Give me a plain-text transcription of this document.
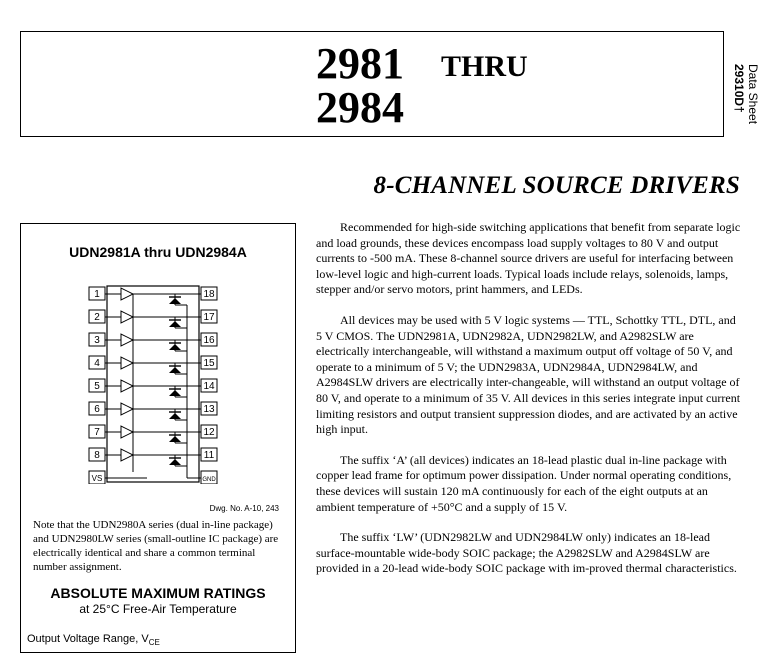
2981 THRU
2984	Data Sheet
29310D†
8-CHANNEL SOURCE DRIVERS
UDN2981A thru UDN2984A
1	18
2	17
3	16
4	15
5	14
6	13
7	12
8	11
VS	GND
Dwg. No. A-10, 243
Note that the UDN2980A series (dual in-line package) and UDN2980LW series (small-outline IC package) are electrically identical and share a common terminal number assignment.
ABSOLUTE MAXIMUM RATINGS
at 25°C Free-Air Temperature
Output Voltage Range, $V_{CE}$

Recommended for high-side switching applications that benefit from separate logic and load grounds, these devices encompass load supply voltages to 80 V and output currents to -500 mA. These 8-channel source drivers are useful for interfacing between low-level logic and high-current loads. Typical loads include relays, solenoids, lamps, stepper and/or servo motors, print hammers, and LEDs.

All devices may be used with 5 V logic systems — TTL, Schottky TTL, DTL, and 5 V CMOS. The UDN2981A, UDN2982A, UDN2982LW, and A2982SLW are electrically interchangeable, will withstand a maximum output off voltage of 50 V, and operate to a minimum of 5 V; the UDN2983A, UDN2984A, UDN2984LW, and A2984SLW drivers are electrically inter-changeable, will withstand an output voltage of 80 V, and operate to a minimum of 35 V. All devices in this series integrate input current limiting resistors and output transient suppression diodes, and are activated by an active high input.

The suffix ‘A’ (all devices) indicates an 18-lead plastic dual in-line package with copper lead frame for optimum power dissipation. Under normal operating conditions, these devices will sustain 120 mA continuously for each of the eight outputs at an ambient temperature of +50°C and a supply of 15 V.

The suffix ‘LW’ (UDN2982LW and UDN2984LW only) indicates an 18-lead surface-mountable wide-body SOIC package; the A2982SLW and A2984SLW are provided in a 20-lead wide-body SOIC package with im-proved thermal characteristics.
